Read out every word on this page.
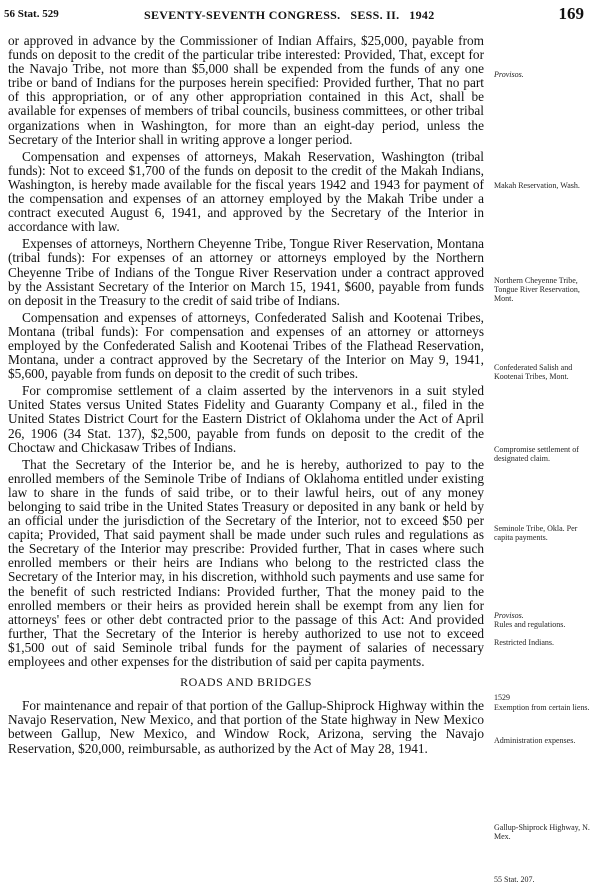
56 Stat. 529	SEVENTY-SEVENTH CONGRESS.   SESS. II.   1942	169

or approved in advance by the Commissioner of Indian Affairs, $25,000, payable from funds on deposit to the credit of the particular tribe interested: Provided, That, except for the Navajo Tribe, not more than $5,000 shall be expended from the funds of any one tribe or band of Indians for the purposes herein specified: Provided further, That no part of this appropriation, or of any other appropriation contained in this Act, shall be available for expenses of members of tribal councils, business committees, or other tribal organizations when in Washington, for more than an eight-day period, unless the Secretary of the Interior shall in writing approve a longer period.

Compensation and expenses of attorneys, Makah Reservation, Washington (tribal funds): Not to exceed $1,700 of the funds on deposit to the credit of the Makah Indians, Washington, is hereby made available for the fiscal years 1942 and 1943 for payment of the compensation and expenses of an attorney employed by the Makah Tribe under a contract executed August 6, 1941, and approved by the Secretary of the Interior in accordance with law.

Expenses of attorneys, Northern Cheyenne Tribe, Tongue River Reservation, Montana (tribal funds): For expenses of an attorney or attorneys employed by the Northern Cheyenne Tribe of Indians of the Tongue River Reservation under a contract approved by the Assistant Secretary of the Interior on March 15, 1941, $600, payable from funds on deposit in the Treasury to the credit of said tribe of Indians.

Compensation and expenses of attorneys, Confederated Salish and Kootenai Tribes, Montana (tribal funds): For compensation and expenses of an attorney or attorneys employed by the Confederated Salish and Kootenai Tribes of the Flathead Reservation, Montana, under a contract approved by the Secretary of the Interior on May 9, 1941, $5,600, payable from funds on deposit to the credit of such tribes.

For compromise settlement of a claim asserted by the intervenors in a suit styled United States versus United States Fidelity and Guaranty Company et al., filed in the United States District Court for the Eastern District of Oklahoma under the Act of April 26, 1906 (34 Stat. 137), $2,500, payable from funds on deposit to the credit of the Choctaw and Chickasaw Tribes of Indians.

That the Secretary of the Interior be, and he is hereby, authorized to pay to the enrolled members of the Seminole Tribe of Indians of Oklahoma entitled under existing law to share in the funds of said tribe, or to their lawful heirs, out of any money belonging to said tribe in the United States Treasury or deposited in any bank or held by an official under the jurisdiction of the Secretary of the Interior, not to exceed $50 per capita; Provided, That said payment shall be made under such rules and regulations as the Secretary of the Interior may prescribe: Provided further, That in cases where such enrolled members or their heirs are Indians who belong to the restricted class the Secretary of the Interior may, in his discretion, withhold such payments and use same for the benefit of such restricted Indians: Provided further, That the money paid to the enrolled members or their heirs as provided herein shall be exempt from any lien for attorneys' fees or other debt contracted prior to the passage of this Act: And provided further, That the Secretary of the Interior is hereby authorized to use not to exceed $1,500 out of said Seminole tribal funds for the payment of salaries of necessary employees and other expenses for the distribution of said per capita payments.

ROADS AND BRIDGES

For maintenance and repair of that portion of the Gallup-Shiprock Highway within the Navajo Reservation, New Mexico, and that portion of the State highway in New Mexico between Gallup, New Mexico, and Window Rock, Arizona, serving the Navajo Reservation, $20,000, reimbursable, as authorized by the Act of May 28, 1941.

Provisos.
Makah Reservation, Wash.
Northern Cheyenne Tribe, Tongue River Reservation, Mont.
Confederated Salish and Kootenai Tribes, Mont.
Compromise settlement of designated claim.
Seminole Tribe, Okla. Per capita payments.
Provisos.
Rules and regulations.
Restricted Indians.
1529
Exemption from certain liens.
Administration expenses.
Gallup-Shiprock Highway, N. Mex.
55 Stat. 207.
